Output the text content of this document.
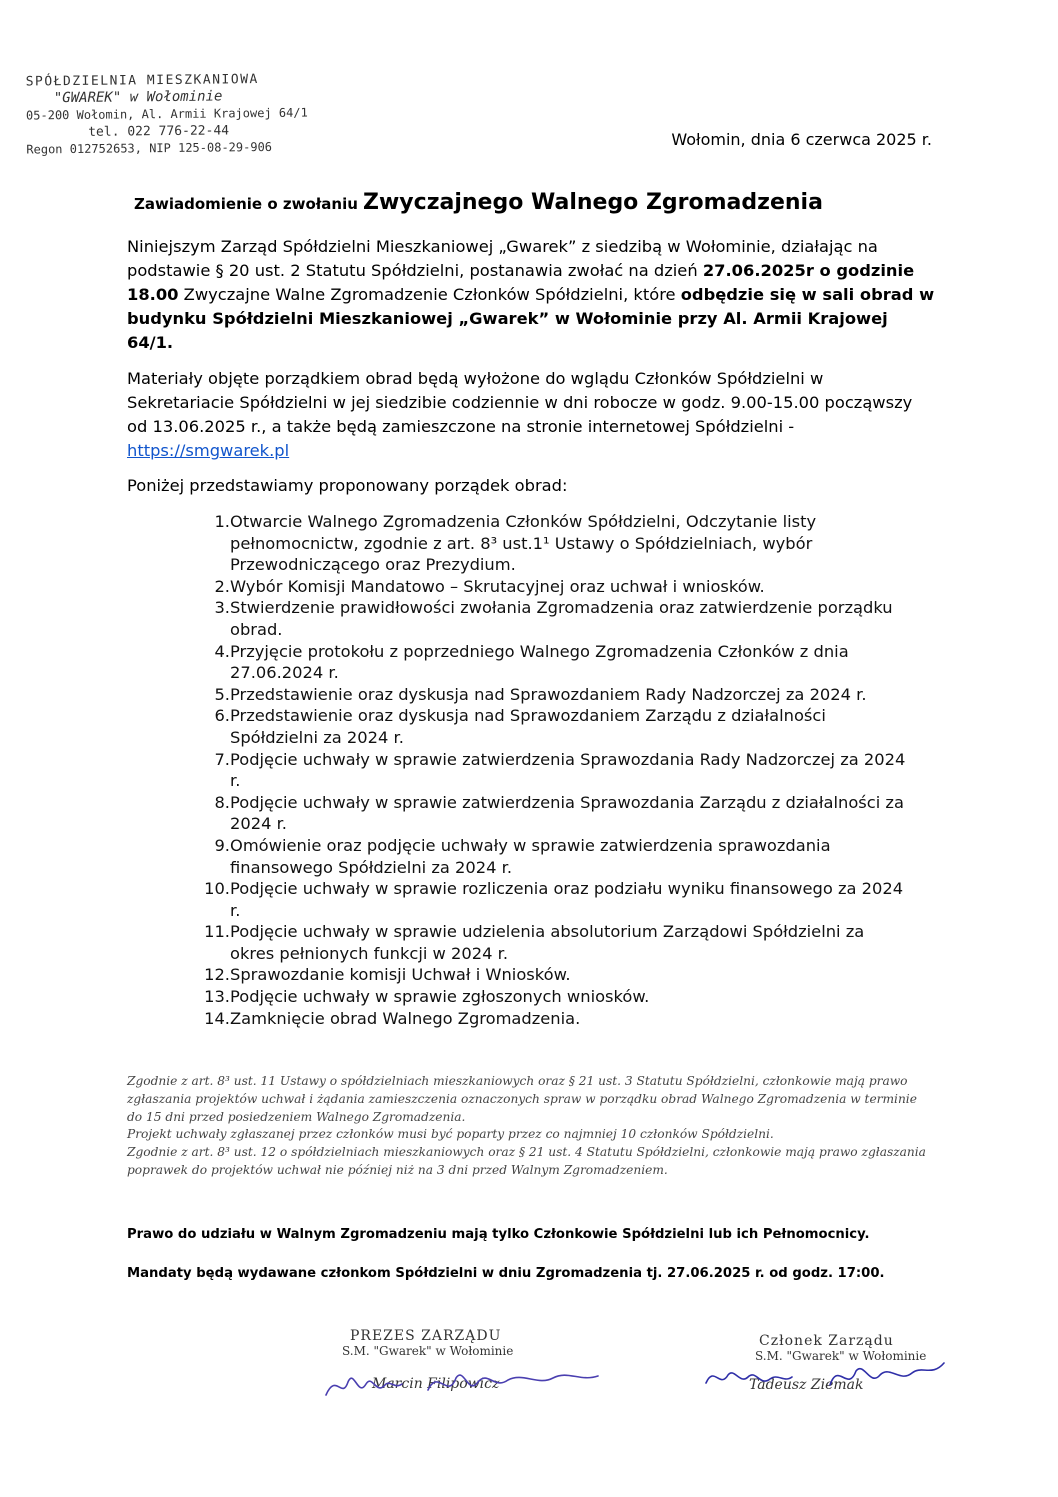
SPÓŁDZIELNIA MIESZKANIOWA
"GWAREK" w Wołominie
05-200 Wołomin, Al. Armii Krajowej 64/1
tel. 022 776-22-44
Regon 012752653, NIP 125-08-29-906	Wołomin, dnia 6 czerwca 2025 r.
Zawiadomienie o zwołaniu Zwyczajnego Walnego Zgromadzenia
Niniejszym Zarząd Spółdzielni Mieszkaniowej „Gwarek” z siedzibą w Wołominie, działając na podstawie § 20 ust. 2 Statutu Spółdzielni, postanawia zwołać na dzień 27.06.2025r o godzinie 18.00 Zwyczajne Walne Zgromadzenie Członków Spółdzielni, które odbędzie się w sali obrad w budynku Spółdzielni Mieszkaniowej „Gwarek” w Wołominie przy Al. Armii Krajowej 64/1.
Materiały objęte porządkiem obrad będą wyłożone do wglądu Członków Spółdzielni w Sekretariacie Spółdzielni w jej siedzibie codziennie w dni robocze w godz. 9.00-15.00 począwszy od 13.06.2025 r., a także będą zamieszczone na stronie internetowej Spółdzielni - https://smgwarek.pl
Poniżej przedstawiamy proponowany porządek obrad:
1. Otwarcie Walnego Zgromadzenia Członków Spółdzielni, Odczytanie listy pełnomocnictw, zgodnie z art. 8³ ust.1¹ Ustawy o Spółdzielniach, wybór Przewodniczącego oraz Prezydium.
2. Wybór Komisji Mandatowo – Skrutacyjnej oraz uchwał i wniosków.
3. Stwierdzenie prawidłowości zwołania Zgromadzenia oraz zatwierdzenie porządku obrad.
4. Przyjęcie protokołu z poprzedniego Walnego Zgromadzenia Członków z dnia 27.06.2024 r.
5. Przedstawienie oraz dyskusja nad Sprawozdaniem Rady Nadzorczej za 2024 r.
6. Przedstawienie oraz dyskusja nad Sprawozdaniem Zarządu z działalności Spółdzielni za 2024 r.
7. Podjęcie uchwały w sprawie zatwierdzenia Sprawozdania Rady Nadzorczej za 2024 r.
8. Podjęcie uchwały w sprawie zatwierdzenia Sprawozdania Zarządu z działalności za 2024 r.
9. Omówienie oraz podjęcie uchwały w sprawie zatwierdzenia sprawozdania finansowego Spółdzielni za 2024 r.
10. Podjęcie uchwały w sprawie rozliczenia oraz podziału wyniku finansowego za 2024 r.
11. Podjęcie uchwały w sprawie udzielenia absolutorium Zarządowi Spółdzielni za okres pełnionych funkcji w 2024 r.
12. Sprawozdanie komisji Uchwał i Wniosków.
13. Podjęcie uchwały w sprawie zgłoszonych wniosków.
14. Zamknięcie obrad Walnego Zgromadzenia.

Zgodnie z art. 8³ ust. 11 Ustawy o spółdzielniach mieszkaniowych oraz § 21 ust. 3 Statutu Spółdzielni, członkowie mają prawo zgłaszania projektów uchwał i żądania zamieszczenia oznaczonych spraw w porządku obrad Walnego Zgromadzenia w terminie do 15 dni przed posiedzeniem Walnego Zgromadzenia.

Projekt uchwały zgłaszanej przez członków musi być poparty przez co najmniej 10 członków Spółdzielni.

Zgodnie z art. 8³ ust. 12 o spółdzielniach mieszkaniowych oraz § 21 ust. 4 Statutu Spółdzielni, członkowie mają prawo zgłaszania poprawek do projektów uchwał nie później niż na 3 dni przed Walnym Zgromadzeniem.

Prawo do udziału w Walnym Zgromadzeniu mają tylko Członkowie Spółdzielni lub ich Pełnomocnicy.
Mandaty będą wydawane członkom Spółdzielni w dniu Zgromadzenia tj. 27.06.2025 r. od godz. 17:00.
PREZES ZARZĄDU
S.M. "Gwarek" w Wołominie
Marcin Filipowicz
Członek Zarządu
S.M. "Gwarek" w Wołominie
Tadeusz Ziemak
